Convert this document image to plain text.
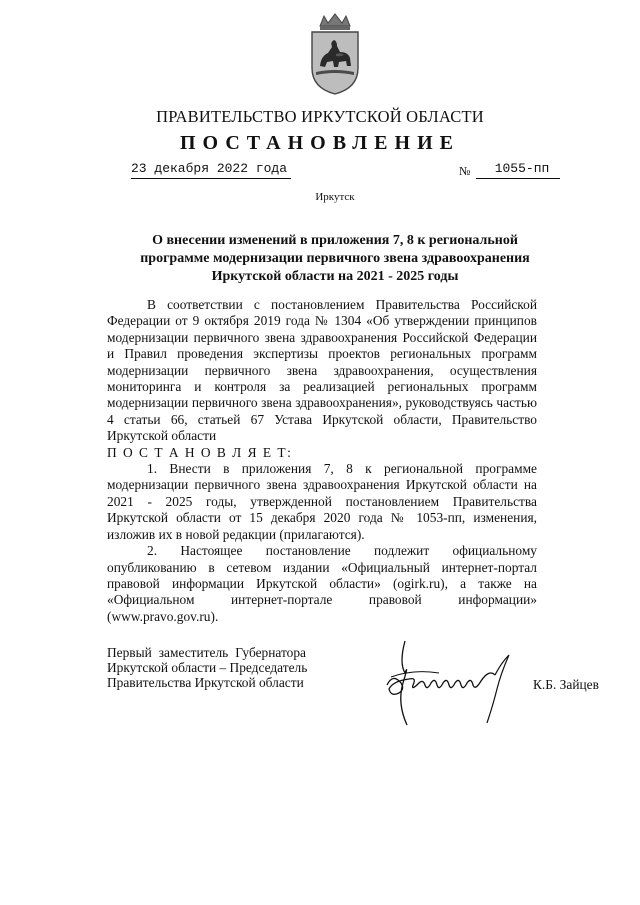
ПРАВИТЕЛЬСТВО ИРКУТСКОЙ ОБЛАСТИ
ПОСТАНОВЛЕНИЕ
23 декабря 2022 года	№	1055-пп
Иркутск
О внесении изменений в приложения 7, 8 к региональной
программе модернизации первичного звена здравоохранения
Иркутской области на 2021 - 2025 годы

В соответствии с постановлением Правительства Российской Федерации от 9 октября 2019 года № 1304 «Об утверждении принципов модернизации первичного звена здравоохранения Российской Федерации и Правил проведения экспертизы проектов региональных программ модернизации первичного звена здравоохранения, осуществления мониторинга и контроля за реализацией региональных программ модернизации первичного звена здравоохранения», руководствуясь частью 4 статьи 66, статьей 67 Устава Иркутской области, Правительство Иркутской области

П О С Т А Н О В Л Я Е Т:

1. Внести в приложения 7, 8 к региональной программе модернизации первичного звена здравоохранения Иркутской области на 2021 - 2025 годы, утвержденной постановлением Правительства Иркутской области от 15 декабря 2020 года № 1053-пп, изменения, изложив их в новой редакции (прилагаются).

2. Настоящее постановление подлежит официальному опубликованию в сетевом издании «Официальный интернет-портал правовой информации Иркутской области» (ogirk.ru), а также на «Официальном интернет-портале правовой информации» (www.pravo.gov.ru).

Первый заместитель Губернатора
Иркутской области – Председатель
Правительства Иркутской области	К.Б. Зайцев
